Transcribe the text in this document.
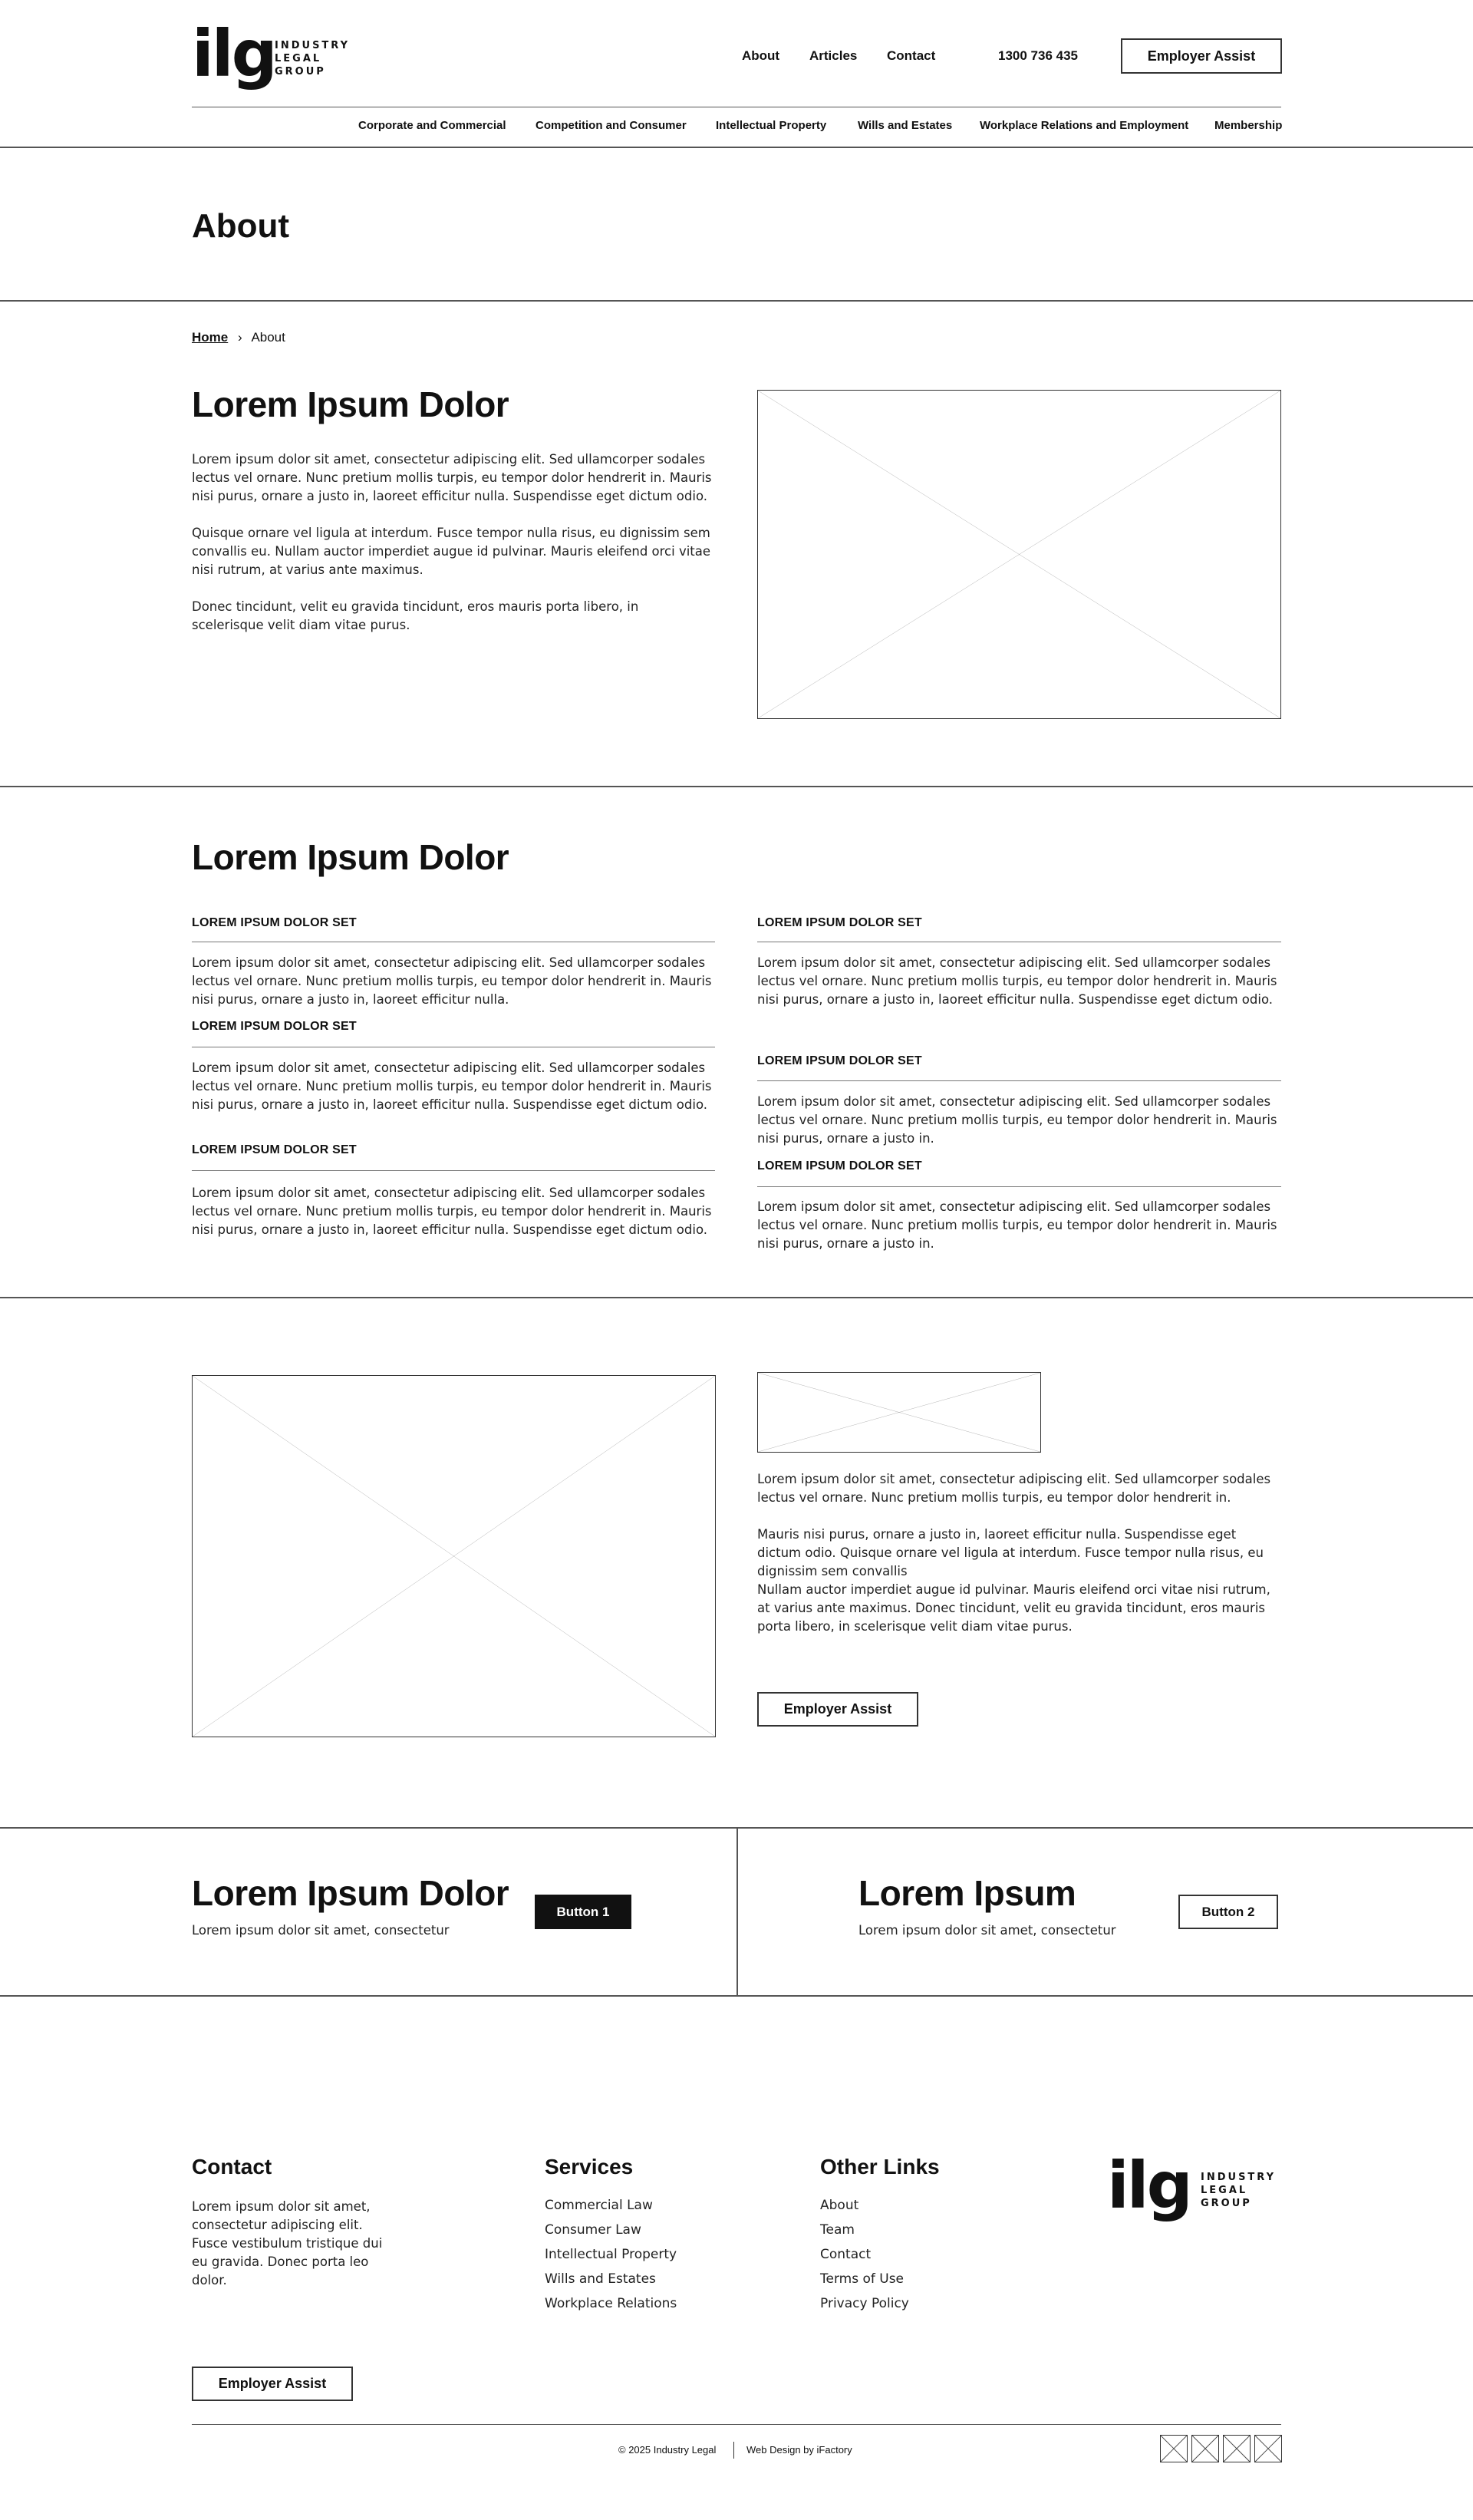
ilg INDUSTRY
LEGAL
GROUP
About Articles Contact	1300 736 435	Employer Assist
Corporate and Commercial	Competition and Consumer	Intellectual Property	Wills and Estates Workplace Relations and Employment Membership
About
Home › About
Lorem Ipsum Dolor

Lorem ipsum dolor sit amet, consectetur adipiscing elit. Sed ullamcorper sodales lectus vel ornare. Nunc pretium mollis turpis, eu tempor dolor hendrerit in. Mauris nisi purus, ornare a justo in, laoreet efficitur nulla. Suspendisse eget dictum odio.

Quisque ornare vel ligula at interdum. Fusce tempor nulla risus, eu dignissim sem convallis eu. Nullam auctor imperdiet augue id pulvinar. Mauris eleifend orci vitae nisi rutrum, at varius ante maximus.

Donec tincidunt, velit eu gravida tincidunt, eros mauris porta libero, in scelerisque velit diam vitae purus.

Lorem Ipsum Dolor
LOREM IPSUM DOLOR SET
Lorem ipsum dolor sit amet, consectetur adipiscing elit. Sed ullamcorper sodales lectus vel ornare. Nunc pretium mollis turpis, eu tempor dolor hendrerit in. Mauris nisi purus, ornare a justo in, laoreet efficitur nulla.
LOREM IPSUM DOLOR SET
Lorem ipsum dolor sit amet, consectetur adipiscing elit. Sed ullamcorper sodales lectus vel ornare. Nunc pretium mollis turpis, eu tempor dolor hendrerit in. Mauris nisi purus, ornare a justo in, laoreet efficitur nulla. Suspendisse eget dictum odio.
LOREM IPSUM DOLOR SET
Lorem ipsum dolor sit amet, consectetur adipiscing elit. Sed ullamcorper sodales lectus vel ornare. Nunc pretium mollis turpis, eu tempor dolor hendrerit in. Mauris nisi purus, ornare a justo in, laoreet efficitur nulla. Suspendisse eget dictum odio.
LOREM IPSUM DOLOR SET
Lorem ipsum dolor sit amet, consectetur adipiscing elit. Sed ullamcorper sodales lectus vel ornare. Nunc pretium mollis turpis, eu tempor dolor hendrerit in. Mauris nisi purus, ornare a justo in, laoreet efficitur nulla. Suspendisse eget dictum odio.
LOREM IPSUM DOLOR SET
Lorem ipsum dolor sit amet, consectetur adipiscing elit. Sed ullamcorper sodales lectus vel ornare. Nunc pretium mollis turpis, eu tempor dolor hendrerit in. Mauris nisi purus, ornare a justo in.
LOREM IPSUM DOLOR SET
Lorem ipsum dolor sit amet, consectetur adipiscing elit. Sed ullamcorper sodales lectus vel ornare. Nunc pretium mollis turpis, eu tempor dolor hendrerit in. Mauris nisi purus, ornare a justo in.

Lorem ipsum dolor sit amet, consectetur adipiscing elit. Sed ullamcorper sodales lectus vel ornare. Nunc pretium mollis turpis, eu tempor dolor hendrerit in.

Mauris nisi purus, ornare a justo in, laoreet efficitur nulla. Suspendisse eget dictum odio. Quisque ornare vel ligula at interdum. Fusce tempor nulla risus, eu dignissim sem convallis

Nullam auctor imperdiet augue id pulvinar. Mauris eleifend orci vitae nisi rutrum, at varius ante maximus. Donec tincidunt, velit eu gravida tincidunt, eros mauris porta libero, in scelerisque velit diam vitae purus.

Employer Assist
Lorem Ipsum Dolor
Lorem ipsum dolor sit amet, consectetur
Button 1	Lorem Ipsum
Lorem ipsum dolor sit amet, consectetur
Button 2
Contact
Lorem ipsum dolor sit amet, consectetur adipiscing elit. Fusce vestibulum tristique dui eu gravida. Donec porta leo dolor.
Services
Commercial Law
Consumer Law
Intellectual Property
Wills and Estates
Workplace Relations
Other Links
About
Team
Contact
Terms of Use
Privacy Policy
ilg INDUSTRY
LEGAL
GROUP
Employer Assist
© 2025 Industry Legal	Web Design by iFactory
